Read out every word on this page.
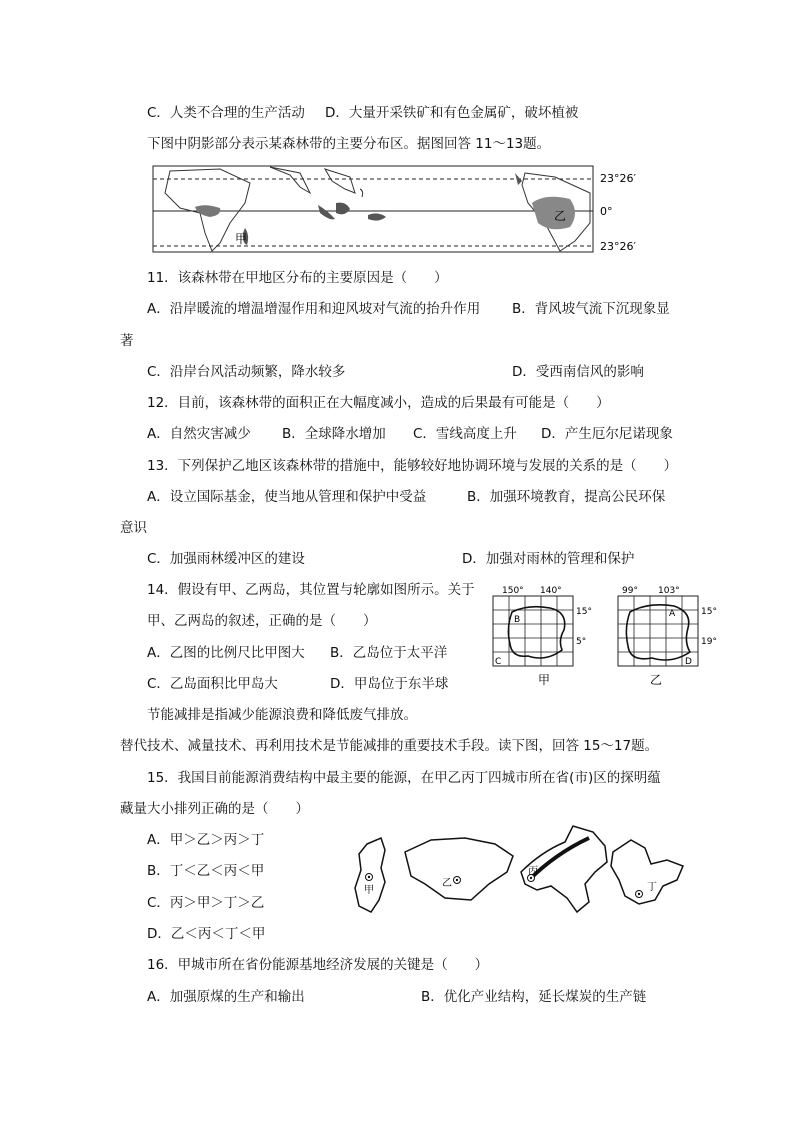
C．人类不合理的生产活动 D．大量开采铁矿和有色金属矿，破坏植被
下图中阴影部分表示某森林带的主要分布区。据图回答 11～13题。
甲
乙
23°26′
0°
23°26′
11．该森林带在甲地区分布的主要原因是（　　）
A．沿岸暖流的增温增湿作用和迎风坡对气流的抬升作用 B．背风坡气流下沉现象显
著
C．沿岸台风活动频繁，降水较多	D．受西南信风的影响
12．目前，该森林带的面积正在大幅度减小，造成的后果最有可能是（　　）
A．自然灾害减少 B．全球降水增加 C．雪线高度上升 D．产生厄尔尼诺现象
13．下列保护乙地区该森林带的措施中，能够较好地协调环境与发展的关系的是（　　）
A．设立国际基金，使当地从管理和保护中受益	B．加强环境教育，提高公民环保
意识
C．加强雨林缓冲区的建设	D．加强对雨林的管理和保护
14．假设有甲、乙两岛，其位置与轮廓如图所示。关于
甲、乙两岛的叙述，正确的是（　　）
A．乙图的比例尺比甲图大 B．乙岛位于太平洋
C．乙岛面积比甲岛大	D．甲岛位于东半球
150° 140°
15°
5°
B
C
甲
99° 103°
15°
19°
A
D
乙
节能减排是指减少能源浪费和降低废气排放。
替代技术、减量技术、再利用技术是节能减排的重要技术手段。读下图，回答 15～17题。
15．我国目前能源消费结构中最主要的能源，在甲乙丙丁四城市所在省(市)区的探明蕴
藏量大小排列正确的是（　　）
A．甲＞乙＞丙＞丁
B．丁＜乙＜丙＜甲
C．丙＞甲＞丁＞乙
D．乙＜丙＜丁＜甲
甲
乙
丙
丁
16．甲城市所在省份能源基地经济发展的关键是（　　）
A．加强原煤的生产和输出	B．优化产业结构，延长煤炭的生产链
